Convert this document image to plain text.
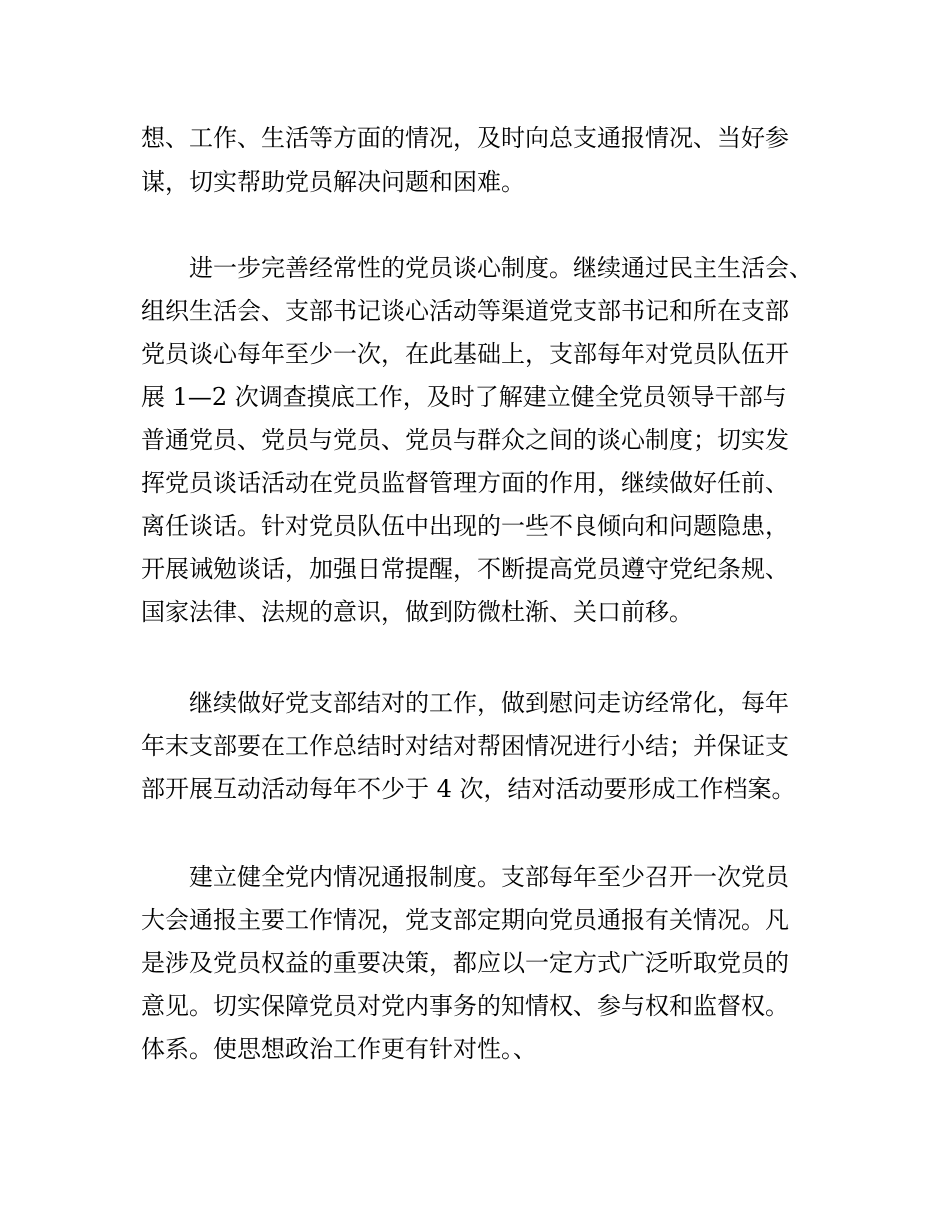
想、工作、生活等方面的情况，及时向总支通报情况、当好参
谋，切实帮助党员解决问题和困难。
进一步完善经常性的党员谈心制度。继续通过民主生活会、
组织生活会、支部书记谈心活动等渠道党支部书记和所在支部
党员谈心每年至少一次，在此基础上，支部每年对党员队伍开
展 1—2 次调查摸底工作，及时了解建立健全党员领导干部与
普通党员、党员与党员、党员与群众之间的谈心制度；切实发
挥党员谈话活动在党员监督管理方面的作用，继续做好任前、
离任谈话。针对党员队伍中出现的一些不良倾向和问题隐患，
开展诫勉谈话，加强日常提醒，不断提高党员遵守党纪条规、
国家法律、法规的意识，做到防微杜渐、关口前移。
继续做好党支部结对的工作，做到慰问走访经常化，每年
年末支部要在工作总结时对结对帮困情况进行小结；并保证支
部开展互动活动每年不少于 4 次，结对活动要形成工作档案。
建立健全党内情况通报制度。支部每年至少召开一次党员
大会通报主要工作情况，党支部定期向党员通报有关情况。凡
是涉及党员权益的重要决策，都应以一定方式广泛听取党员的
意见。切实保障党员对党内事务的知情权、参与权和监督权。
体系。使思想政治工作更有针对性。、
